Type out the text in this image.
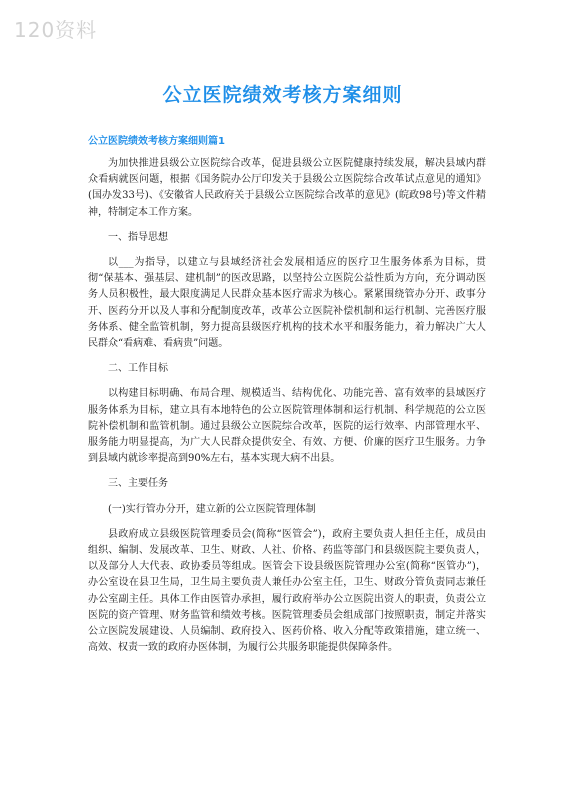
120资料
公立医院绩效考核方案细则
公立医院绩效考核方案细则篇1

为加快推进县级公立医院综合改革，促进县级公立医院健康持续发展，解决县域内群众看病就医问题，根据《国务院办公厅印发关于县级公立医院综合改革试点意见的通知》(国办发33号)、《安徽省人民政府关于县级公立医院综合改革的意见》(皖政98号)等文件精神，特制定本工作方案。

一、指导思想

以___为指导，以建立与县域经济社会发展相适应的医疗卫生服务体系为目标，贯彻“保基本、强基层、建机制”的医改思路，以坚持公立医院公益性质为方向，充分调动医务人员积极性，最大限度满足人民群众基本医疗需求为核心。紧紧围绕管办分开、政事分开、医药分开以及人事和分配制度改革，改革公立医院补偿机制和运行机制、完善医疗服务体系、健全监管机制，努力提高县级医疗机构的技术水平和服务能力，着力解决广大人民群众“看病难、看病贵”问题。

二、工作目标

以构建目标明确、布局合理、规模适当、结构优化、功能完善、富有效率的县域医疗服务体系为目标，建立具有本地特色的公立医院管理体制和运行机制、科学规范的公立医院补偿机制和监管机制。通过县级公立医院综合改革，医院的运行效率、内部管理水平、服务能力明显提高，为广大人民群众提供安全、有效、方便、价廉的医疗卫生服务。力争到县域内就诊率提高到90%左右，基本实现大病不出县。

三、主要任务

(一)实行管办分开，建立新的公立医院管理体制

县政府成立县级医院管理委员会(简称“医管会”)，政府主要负责人担任主任，成员由组织、编制、发展改革、卫生、财政、人社、价格、药监等部门和县级医院主要负责人，以及部分人大代表、政协委员等组成。医管会下设县级医院管理办公室(简称“医管办”)，办公室设在县卫生局，卫生局主要负责人兼任办公室主任，卫生、财政分管负责同志兼任办公室副主任。具体工作由医管办承担，履行政府举办公立医院出资人的职责，负责公立医院的资产管理、财务监管和绩效考核。医院管理委员会组成部门按照职责，制定并落实公立医院发展建设、人员编制、政府投入、医药价格、收入分配等政策措施，建立统一、高效、权责一致的政府办医体制，为履行公共服务职能提供保障条件。
